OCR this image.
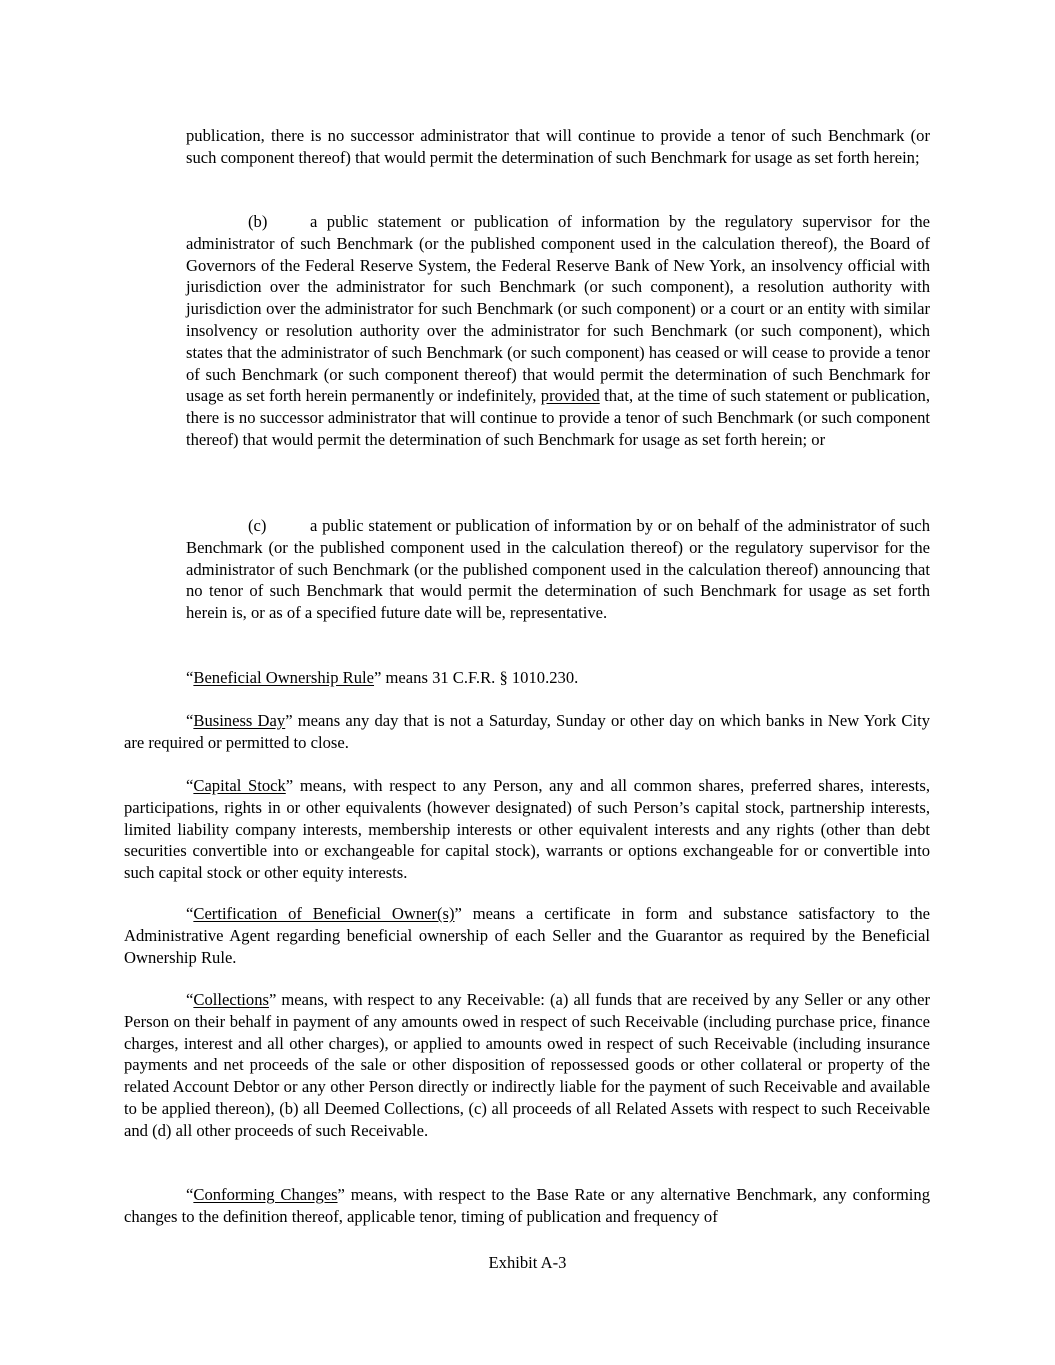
publication, there is no successor administrator that will continue to provide a tenor of such Benchmark (or such component thereof) that would permit the determination of such Benchmark for usage as set forth herein;

(b)	a public statement or publication of information by the regulatory supervisor for the administrator of such Benchmark (or the published component used in the calculation thereof), the Board of Governors of the Federal Reserve System, the Federal Reserve Bank of New York, an insolvency official with jurisdiction over the administrator for such Benchmark (or such component), a resolution authority with jurisdiction over the administrator for such Benchmark (or such component) or a court or an entity with similar insolvency or resolution authority over the administrator for such Benchmark (or such component), which states that the administrator of such Benchmark (or such component) has ceased or will cease to provide a tenor of such Benchmark (or such component thereof) that would permit the determination of such Benchmark for usage as set forth herein permanently or indefinitely, provided that, at the time of such statement or publication, there is no successor administrator that will continue to provide a tenor of such Benchmark (or such component thereof) that would permit the determination of such Benchmark for usage as set forth herein; or

(c)	a public statement or publication of information by or on behalf of the administrator of such Benchmark (or the published component used in the calculation thereof) or the regulatory supervisor for the administrator of such Benchmark (or the published component used in the calculation thereof) announcing that no tenor of such Benchmark that would permit the determination of such Benchmark for usage as set forth herein is, or as of a specified future date will be, representative.

“Beneficial Ownership Rule” means 31 C.F.R. § 1010.230.

“Business Day” means any day that is not a Saturday, Sunday or other day on which banks in New York City are required or permitted to close.

“Capital Stock” means, with respect to any Person, any and all common shares, preferred shares, interests, participations, rights in or other equivalents (however designated) of such Person’s capital stock, partnership interests, limited liability company interests, membership interests or other equivalent interests and any rights (other than debt securities convertible into or exchangeable for capital stock), warrants or options exchangeable for or convertible into such capital stock or other equity interests.

“Certification of Beneficial Owner(s)” means a certificate in form and substance satisfactory to the Administrative Agent regarding beneficial ownership of each Seller and the Guarantor as required by the Beneficial Ownership Rule.

“Collections” means, with respect to any Receivable: (a) all funds that are received by any Seller or any other Person on their behalf in payment of any amounts owed in respect of such Receivable (including purchase price, finance charges, interest and all other charges), or applied to amounts owed in respect of such Receivable (including insurance payments and net proceeds of the sale or other disposition of repossessed goods or other collateral or property of the related Account Debtor or any other Person directly or indirectly liable for the payment of such Receivable and available to be applied thereon), (b) all Deemed Collections, (c) all proceeds of all Related Assets with respect to such Receivable and (d) all other proceeds of such Receivable.

“Conforming Changes” means, with respect to the Base Rate or any alternative Benchmark, any conforming changes to the definition thereof, applicable tenor, timing of publication and frequency of

Exhibit A-3
